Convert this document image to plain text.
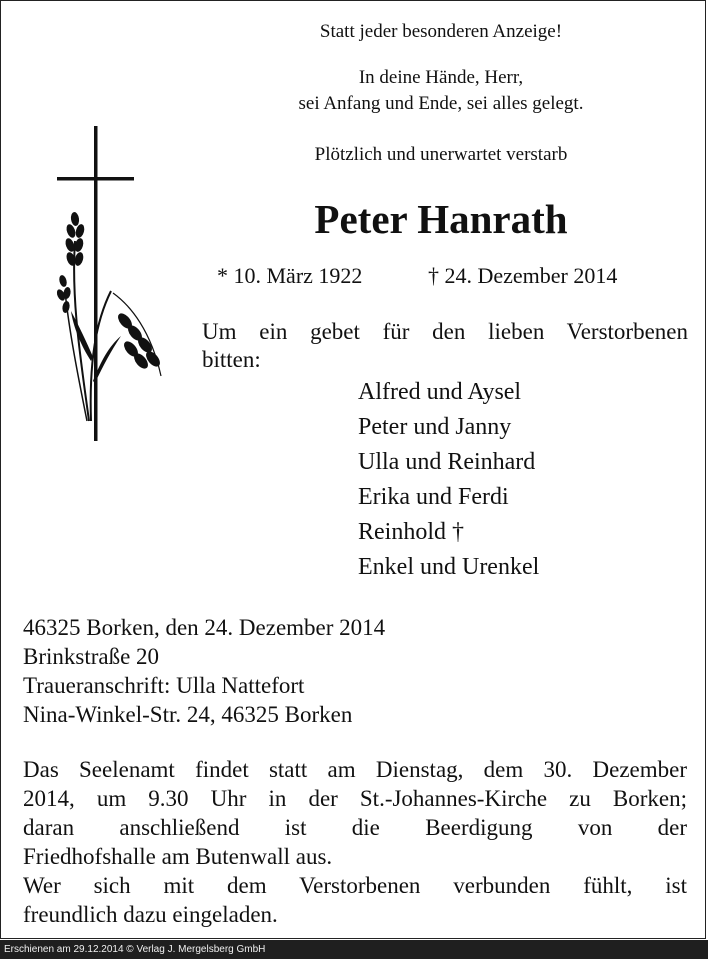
Statt jeder besonderen Anzeige!
In deine Hände, Herr,
sei Anfang und Ende, sei alles gelegt.
Plötzlich und unerwartet verstarb
Peter Hanrath
* 10. März 1922	† 24. Dezember 2014
Um ein gebet für den lieben Verstorbenen
bitten:
Alfred und Aysel
Peter und Janny
Ulla und Reinhard
Erika und Ferdi
Reinhold †
Enkel und Urenkel
46325 Borken, den 24. Dezember 2014
Brinkstraße 20
Traueranschrift: Ulla Nattefort
Nina-Winkel-Str. 24, 46325 Borken
Das Seelenamt findet statt am Dienstag, dem 30. Dezember
2014, um 9.30 Uhr in der St.-Johannes-Kirche zu Borken;
daran anschließend ist die Beerdigung von der
Friedhofshalle am Butenwall aus.
Wer sich mit dem Verstorbenen verbunden fühlt, ist
freundlich dazu eingeladen.
Erschienen am 29.12.2014 © Verlag J. Mergelsberg GmbH
